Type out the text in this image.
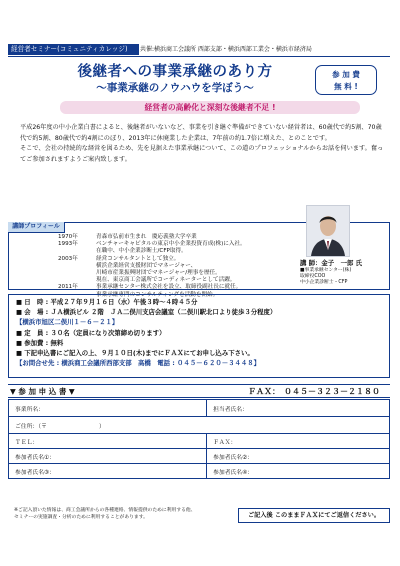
経営者セミナー(コミュニティカレッジ)	共催:横浜商工会議所 西部支部・横浜西部工業会・横浜市経済局
後継者への事業承継のあり方
～事業承継のノウハウを学ぼう～
参 加 費
無 料 !
経営者の高齢化と深刻な後継者不足 !

平成26年度の中小企業白書によると、後継者がいないなど、事業を引き継ぐ準備ができていない経営者は、60歳代で約5割、70歳代で約5割、80歳代で約4割にのぼり、2013年に休廃業した企業は、7年前の約1.7倍に増えた、とのことです。

そこで、会社の持続的な経営を図るため、先を見据えた事業承継について、この道のプロフェッショナルからお話を伺います。奮ってご参加されますようご案内致します。

講師プロフィール
1970年	青森市弘前市生まれ　慶応義塾大学卒業
1993年	ベンチャーキャピタルの東京中小企業投資育成(株)に入社。
	在職中、中小企業診断士/CFP取得。
2003年	経営コンサルタントとして独立。
	横浜企業経営支援財団でマネージャー、
	川崎市産業振興財団でマネージャー/理事を歴任。
	現在、東京商工会議所でコーディネーターとして活躍。
2011年	事業承継センター株式会社を設立、取締役副社長に就任。
	事業承継専門のコンサルティングを活動を開始。
講 師：金子　一郎 氏
■事業承継センター(株)
取締役COO
中小企業診断士・CFP
■ 日　時 : 平成２７年９月１６日（水）午後３時～４時４５分
■ 会　場 : ＪＡ横浜ビル ２階　ＪＡ二俣川支店会議室（二俣川駅北口より徒歩３分程度）
【横浜市旭区二俣川１－６－２１】
■ 定　員 : ３０名（定員になり次第締め切ります）
■ 参加費 : 無料
■ 下記申込書にご記入の上、９月１０日(木)までにＦＡＸにてお申し込み下さい。
【お問合せ先 : 横浜商工会議所西部支部　高橋　電話 : ０４５－６２０－３４４８】
▼ 参 加 申 込 書 ▼	ＦＡＸ：　０４５－３２３－２１８０
事業所名：	担当者氏名：
ご住所：（〒　　　　　　　　　）	
ＴＥＬ：	ＦＡＸ：
参加者氏名①：	参加者氏名②：
参加者氏名③：	参加者氏名④：
※ご記入頂いた情報は、商工会議所からの各種連絡、情報提供のために利用する他、
セミナーの実施調査・分析のために利用することがあります。	ご記入後 このままＦＡＸにてご返信ください。
